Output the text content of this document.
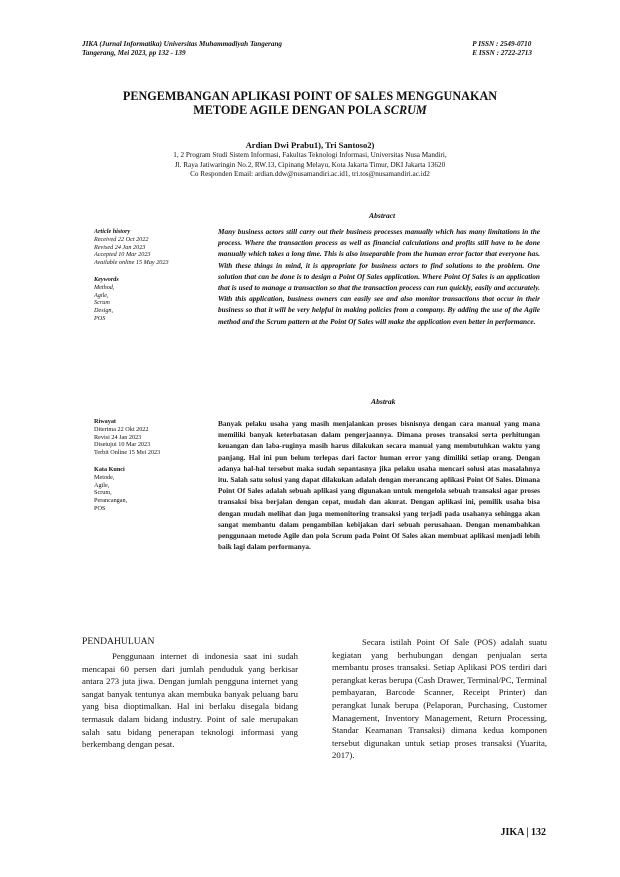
JIKA (Jurnal Informatika) Universitas Muhammadiyah Tangerang
Tangerang, Mei 2023, pp 132 - 139
P ISSN : 2549-0710
E ISSN : 2722-2713
PENGEMBANGAN APLIKASI POINT OF SALES MENGGUNAKAN
METODE AGILE DENGAN POLA SCRUM
Ardian Dwi Prabu1), Tri Santoso2)
1, 2 Program Studi Sistem Informasi, Fakultas Teknologi Informasi, Universitas Nusa Mandiri,
Jl. Raya Jatiwaringin No.2, RW.13, Cipinang Melayu, Kota Jakarta Timur, DKI Jakarta 13620
Co Responden Email: ardian.ddw@nusamandiri.ac.id1, tri.tos@nusamandiri.ac.id2
Abstract
Article history
Received 22 Oct 2022
Revised 24 Jan 2023
Accepted 10 Mar 2023
Available online 15 May 2023
Keywords
Method,
Agile,
Scrum
Design,
POS

Many business actors still carry out their business processes manually which has many limitations in the process. Where the transaction process as well as financial calculations and profits still have to be done manually which takes a long time. This is also inseparable from the human error factor that everyone has. With these things in mind, it is appropriate for business actors to find solutions to the problem. One solution that can be done is to design a Point Of Sales application. Where Point Of Sales is an application that is used to manage a transaction so that the transaction process can run quickly, easily and accurately. With this application, business owners can easily see and also monitor transactions that occur in their business so that it will be very helpful in making policies from a company. By adding the use of the Agile method and the Scrum pattern at the Point Of Sales will make the application even better in performance.

Abstrak
Riwayat
Diterima 22 Okt 2022
Revisi 24 Jan 2023
Disetujui 10 Mar 2023
Terbit Online 15 Mei 2023
Kata Kunci
Metode,
Agile,
Scrum,
Perancangan,
POS

Banyak pelaku usaha yang masih menjalankan proses bisnisnya dengan cara manual yang mana memiliki banyak keterbatasan dalam pengerjaannya. Dimana proses transaksi serta perhitungan keuangan dan laba-ruginya masih harus dilakukan secara manual yang membutuhkan waktu yang panjang. Hal ini pun belum terlepas dari factor human error yang dimiliki setiap orang. Dengan adanya hal-hal tersebut maka sudah sepantasnya jika pelaku usaha mencari solusi atas masalahnya itu. Salah satu solusi yang dapat dilakukan adalah dengan merancang aplikasi Point Of Sales. Dimana Point Of Sales adalah sebuah aplikasi yang digunakan untuk mengelola sebuah transaksi agar proses transaksi bisa berjalan dengan cepat, mudah dan akurat. Dengan aplikasi ini, pemilik usaha bisa dengan mudah melihat dan juga memonitoring transaksi yang terjadi pada usahanya sehingga akan sangat membantu dalam pengambilan kebijakan dari sebuah perusahaan. Dengan menambahkan penggunaan metode Agile dan pola Scrum pada Point Of Sales akan membuat aplikasi menjadi lebih baik lagi dalam performanya.

PENDAHULUAN

Penggunaan internet di indonesia saat ini sudah mencapai 60 persen dari jumlah penduduk yang berkisar antara 273 juta jiwa. Dengan jumlah pengguna internet yang sangat banyak tentunya akan membuka banyak peluang baru yang bisa dioptimalkan. Hal ini berlaku disegala bidang termasuk dalam bidang industry. Point of sale merupakan salah satu bidang penerapan teknologi informasi yang berkembang dengan pesat.

Secara istilah Point Of Sale (POS) adalah suatu kegiatan yang berhubungan dengan penjualan serta membantu proses transaksi. Setiap Aplikasi POS terdiri dari perangkat keras berupa (Cash Drawer, Terminal/PC, Terminal pembayaran, Barcode Scanner, Receipt Printer) dan perangkat lunak berupa (Pelaporan, Purchasing, Customer Management, Inventory Management, Return Processing, Standar Keamanan Transaksi) dimana kedua komponen tersebut digunakan untuk setiap proses transaksi (Yuarita, 2017).

JIKA | 132
